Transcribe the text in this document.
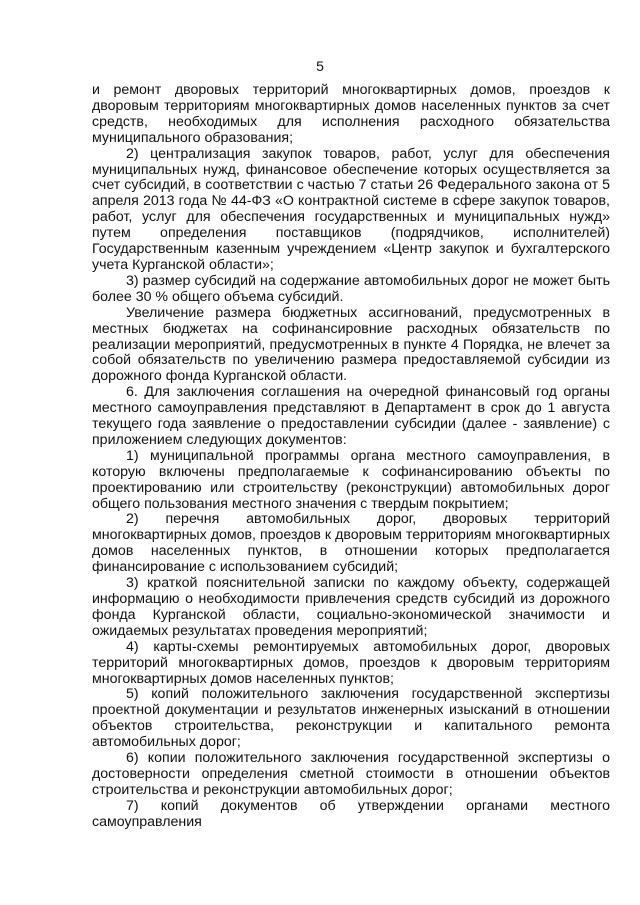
5

и ремонт дворовых территорий многоквартирных домов, проездов к дворовым территориям многоквартирных домов населенных пунктов за счет средств, необходимых для исполнения расходного обязательства муниципального образования;

2) централизация закупок товаров, работ, услуг для обеспечения муниципальных нужд, финансовое обеспечение которых осуществляется за счет субсидий, в соответствии с частью 7 статьи 26 Федерального закона от 5 апреля 2013 года № 44-ФЗ «О контрактной системе в сфере закупок товаров, работ, услуг для обеспечения государственных и муниципальных нужд» путем определения поставщиков (подрядчиков, исполнителей) Государственным казенным учреждением «Центр закупок и бухгалтерского учета Курганской области»;

3) размер субсидий на содержание автомобильных дорог не может быть более 30 % общего объема субсидий.

Увеличение размера бюджетных ассигнований, предусмотренных в местных бюджетах на софинансировние расходных обязательств по реализации мероприятий, предусмотренных в пункте 4 Порядка, не влечет за собой обязательств по увеличению размера предоставляемой субсидии из дорожного фонда Курганской области.

6. Для заключения соглашения на очередной финансовый год органы местного самоуправления представляют в Департамент в срок до 1 августа текущего года заявление о предоставлении субсидии (далее - заявление) с приложением следующих документов:

1) муниципальной программы органа местного самоуправления, в которую включены предполагаемые к софинансированию объекты по проектированию или строительству (реконструкции) автомобильных дорог общего пользования местного значения с твердым покрытием;

2) перечня автомобильных дорог, дворовых территорий многоквартирных домов, проездов к дворовым территориям многоквартирных домов населенных пунктов, в отношении которых предполагается финансирование с использованием субсидий;

3) краткой пояснительной записки по каждому объекту, содержащей информацию о необходимости привлечения средств субсидий из дорожного фонда Курганской области, социально-экономической значимости и ожидаемых результатах проведения мероприятий;

4) карты-схемы ремонтируемых автомобильных дорог, дворовых территорий многоквартирных домов, проездов к дворовым территориям многоквартирных домов населенных пунктов;

5) копий положительного заключения государственной экспертизы проектной документации и результатов инженерных изысканий в отношении объектов строительства, реконструкции и капитального ремонта автомобильных дорог;

6) копии положительного заключения государственной экспертизы о достоверности определения сметной стоимости в отношении объектов строительства и реконструкции автомобильных дорог;

7) копий документов об утверждении органами местного самоуправления
